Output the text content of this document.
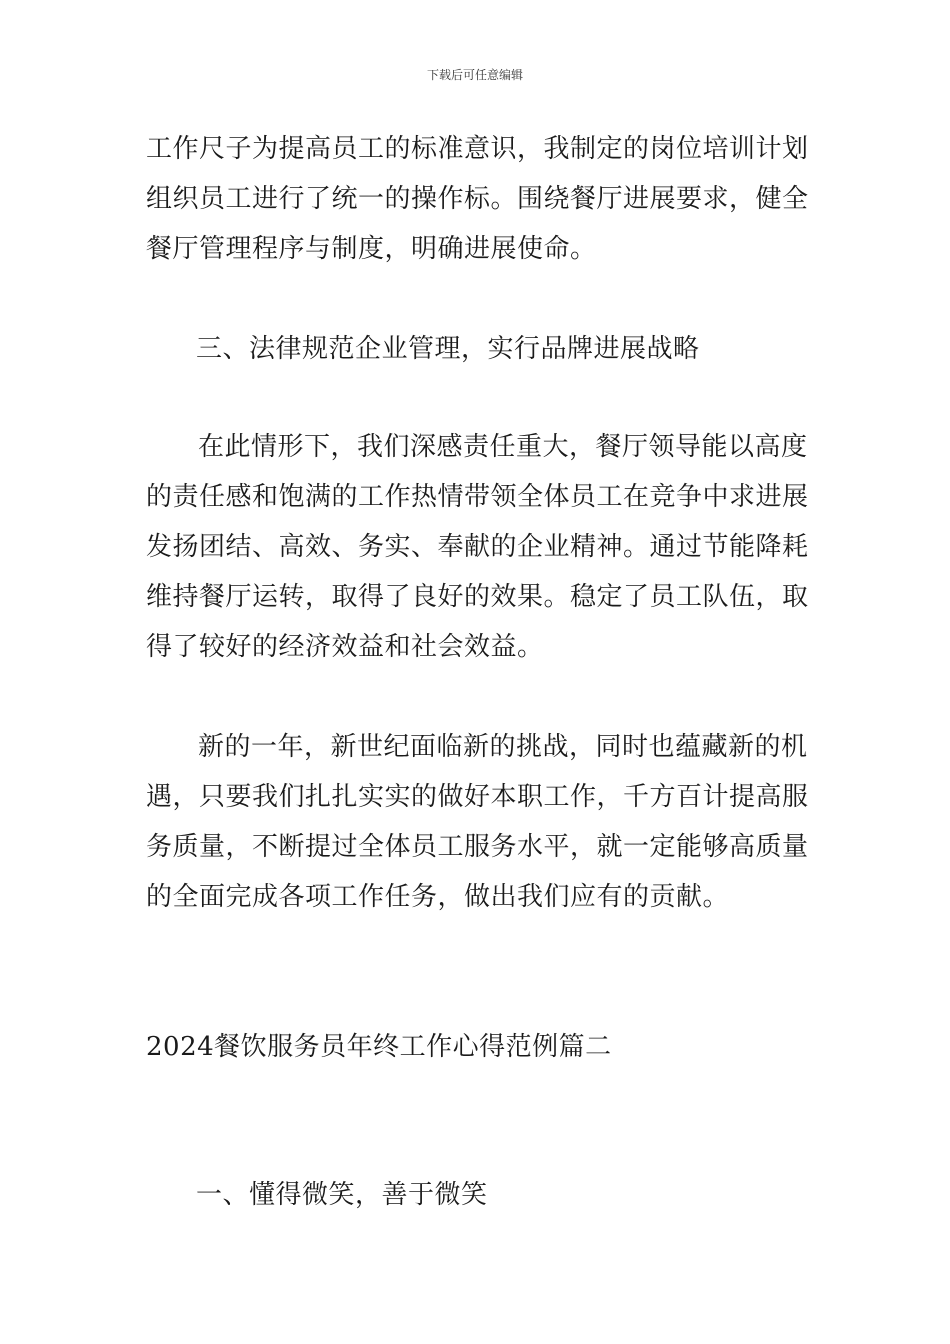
下载后可任意编辑

工作尺子为提高员工的标准意识，我制定的岗位培训计划
组织员工进行了统一的操作标。围绕餐厅进展要求，健全
餐厅管理程序与制度，明确进展使命。
三、法律规范企业管理，实行品牌进展战略
在此情形下，我们深感责任重大，餐厅领导能以高度
的责任感和饱满的工作热情带领全体员工在竞争中求进展
发扬团结、高效、务实、奉献的企业精神。通过节能降耗
维持餐厅运转，取得了良好的效果。稳定了员工队伍，取
得了较好的经济效益和社会效益。
新的一年，新世纪面临新的挑战，同时也蕴藏新的机
遇，只要我们扎扎实实的做好本职工作，千方百计提高服
务质量，不断提过全体员工服务水平，就一定能够高质量
的全面完成各项工作任务，做出我们应有的贡献。
2024餐饮服务员年终工作心得范例篇二
一、懂得微笑，善于微笑
